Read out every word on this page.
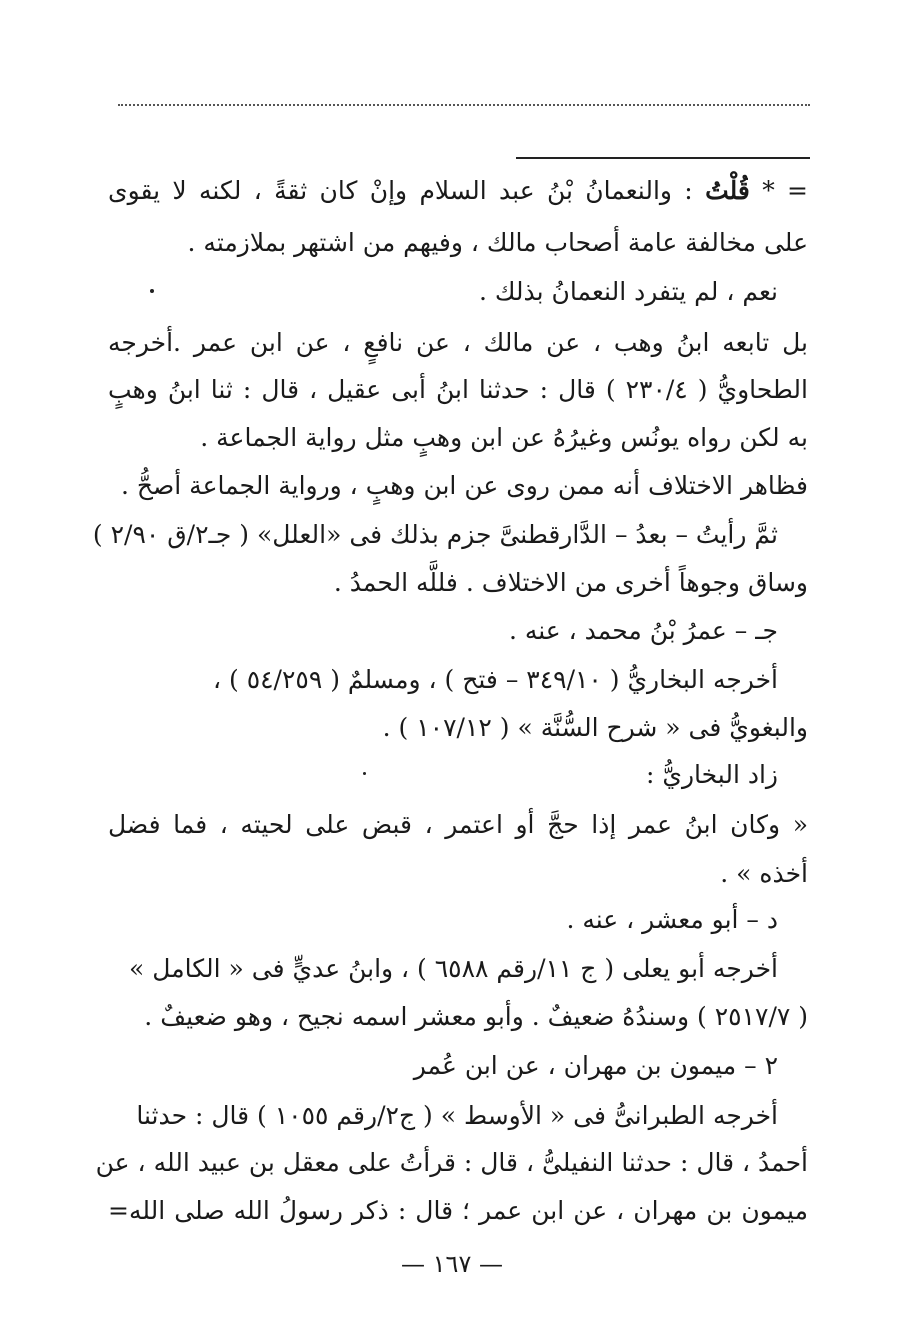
= * قُلْتُ : والنعمانُ بْنُ عبد السلام وإنْ كان ثقةً ، لكنه لا يقوى
على مخالفة عامة أصحاب مالك ، وفيهم من اشتهر بملازمته .
نعم ، لم يتفرد النعمانُ بذلك .
بل تابعه ابنُ وهب ، عن مالك ، عن نافعٍ ، عن ابن عمر .أخرجه
الطحاويُّ ( ٢٣٠/٤ ) قال : حدثنا ابنُ أبى عقيل ، قال : ثنا ابنُ وهبٍ
به لكن رواه يونُس وغيرُهُ عن ابن وهبٍ مثل رواية الجماعة .
فظاهر الاختلاف أنه ممن روى عن ابن وهبٍ ، ورواية الجماعة أصحُّ .
ثمَّ رأيتُ – بعدُ – الدَّارقطنىَّ جزم بذلك فى «العلل» ( جـ٢/ق ٢/٩٠ )
وساق وجوهاً أخرى من الاختلاف . فللَّه الحمدُ .
جـ – عمرُ بْنُ محمد ، عنه .
أخرجه البخاريُّ ( ٣٤٩/١٠ – فتح ) ، ومسلمٌ ( ٥٤/٢٥٩ ) ،
والبغويُّ فى « شرح السُّنَّة » ( ١٠٧/١٢ ) .
زاد البخاريُّ :
« وكان ابنُ عمر إذا حجَّ أو اعتمر ، قبض على لحيته ، فما فضل
أخذه » .
د – أبو معشر ، عنه .
أخرجه أبو يعلى ( ج ١١/رقم ٦٥٨٨ ) ، وابنُ عديٍّ فى « الكامل »
( ٢٥١٧/٧ ) وسندُهُ ضعيفٌ . وأبو معشر اسمه نجيح ، وهو ضعيفٌ .
٢ – ميمون بن مهران ، عن ابن عُمر
أخرجه الطبرانىُّ فى « الأوسط » ( ج٢/رقم ١٠٥٥ ) قال : حدثنا
أحمدُ ، قال : حدثنا النفيلىُّ ، قال : قرأتُ على معقل بن عبيد الله ، عن
ميمون بن مهران ، عن ابن عمر ؛ قال : ذكر رسولُ الله صلى الله=
— ١٦٧ —
